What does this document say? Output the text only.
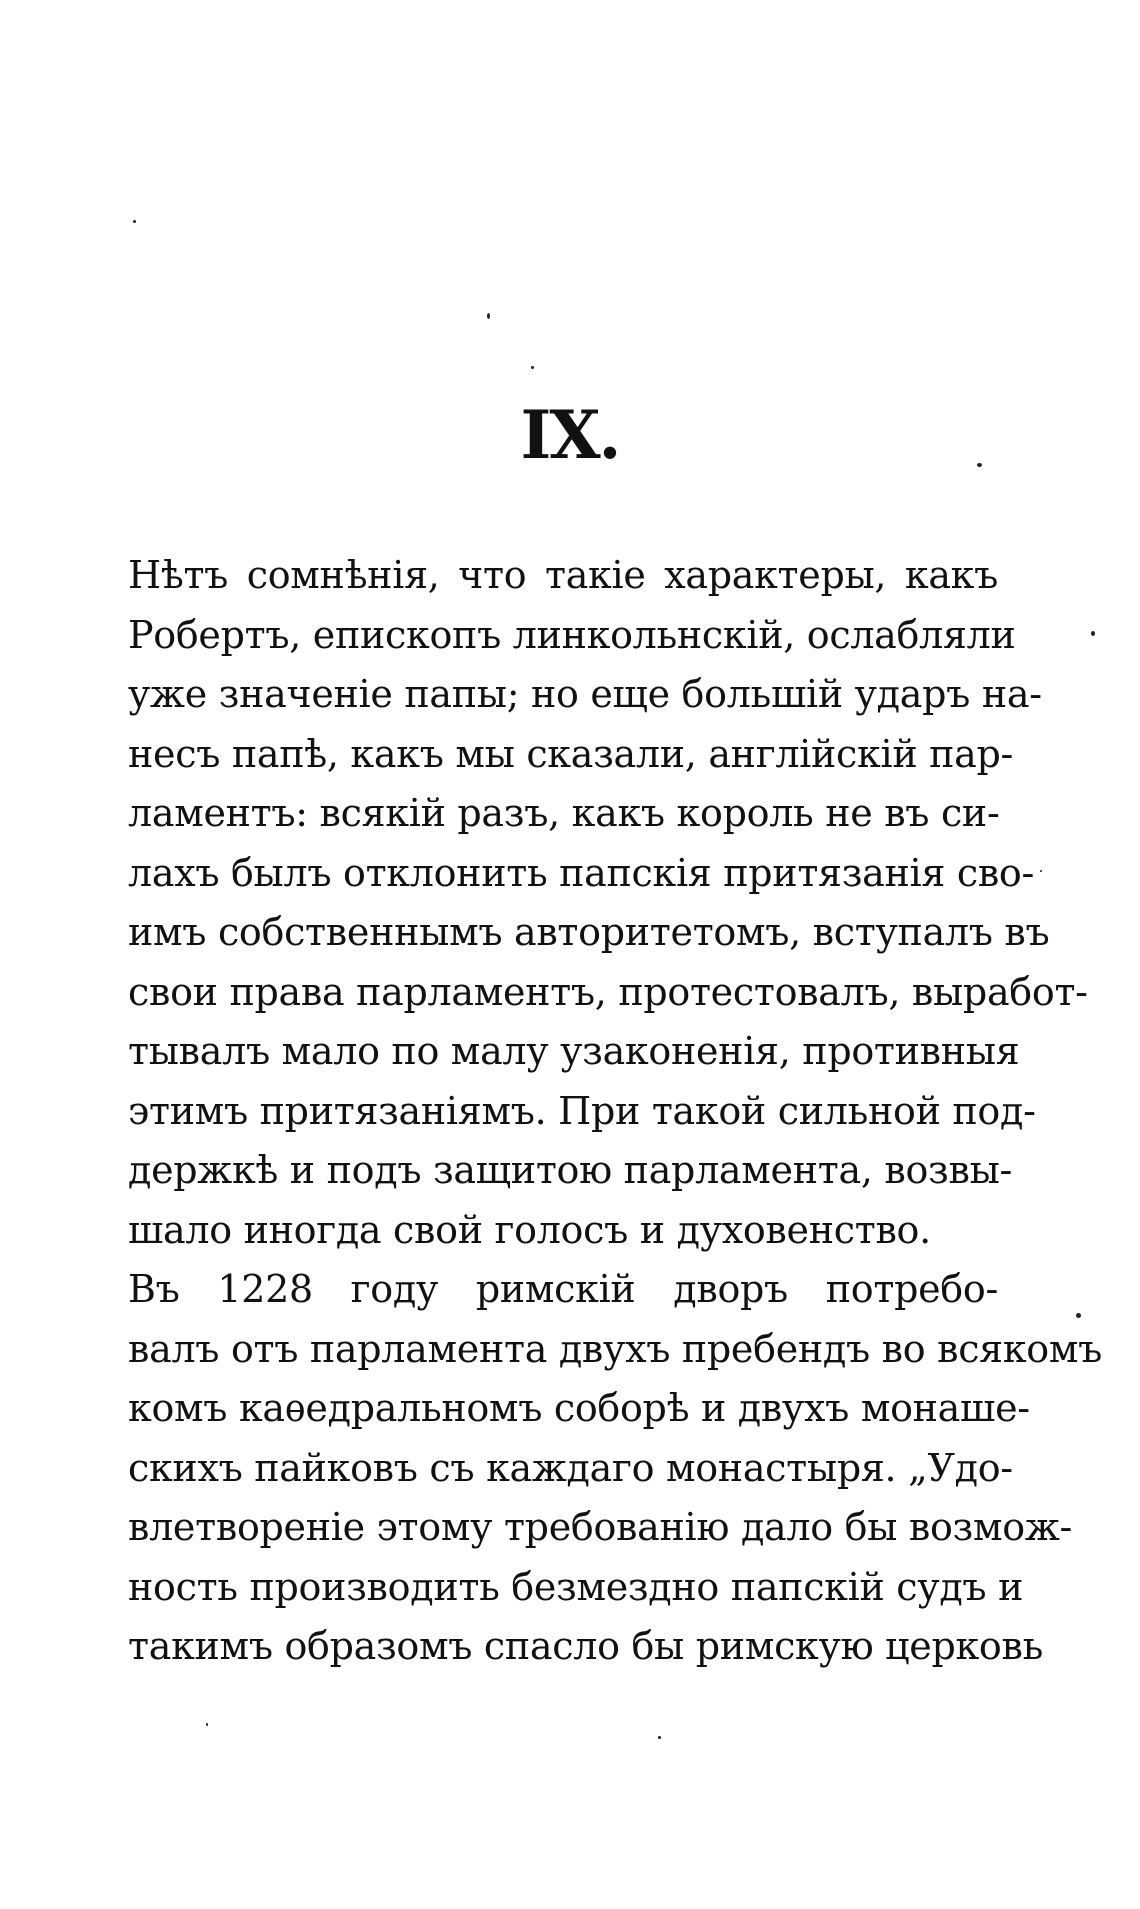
IX.
Нѣтъ сомнѣнія, что такіе характеры, какъ
Робертъ, епископъ линкольнскій, ослабляли
уже значеніе папы; но еще большій ударъ на-
несъ папѣ, какъ мы сказали, англійскій пар-
ламентъ: всякій разъ, какъ король не въ си-
лахъ былъ отклонить папскія притязанія сво-
имъ собственнымъ авторитетомъ, вступалъ въ
свои права парламентъ, протестовалъ, выработ-
тывалъ мало по малу узаконенія, противныя
этимъ притязаніямъ. При такой сильной под-
держкѣ и подъ защитою парламента, возвы-
шало иногда свой голосъ и духовенство.
Въ 1228 году римскій дворъ потребо-
валъ отъ парламента двухъ пребендъ во всякомъ
комъ каѳедральномъ соборѣ и двухъ монаше-
скихъ пайковъ съ каждаго монастыря. „Удо-
влетвореніе этому требованію дало бы возмож-
ность производить безмездно папскій судъ и
такимъ образомъ спасло бы римскую церковь
